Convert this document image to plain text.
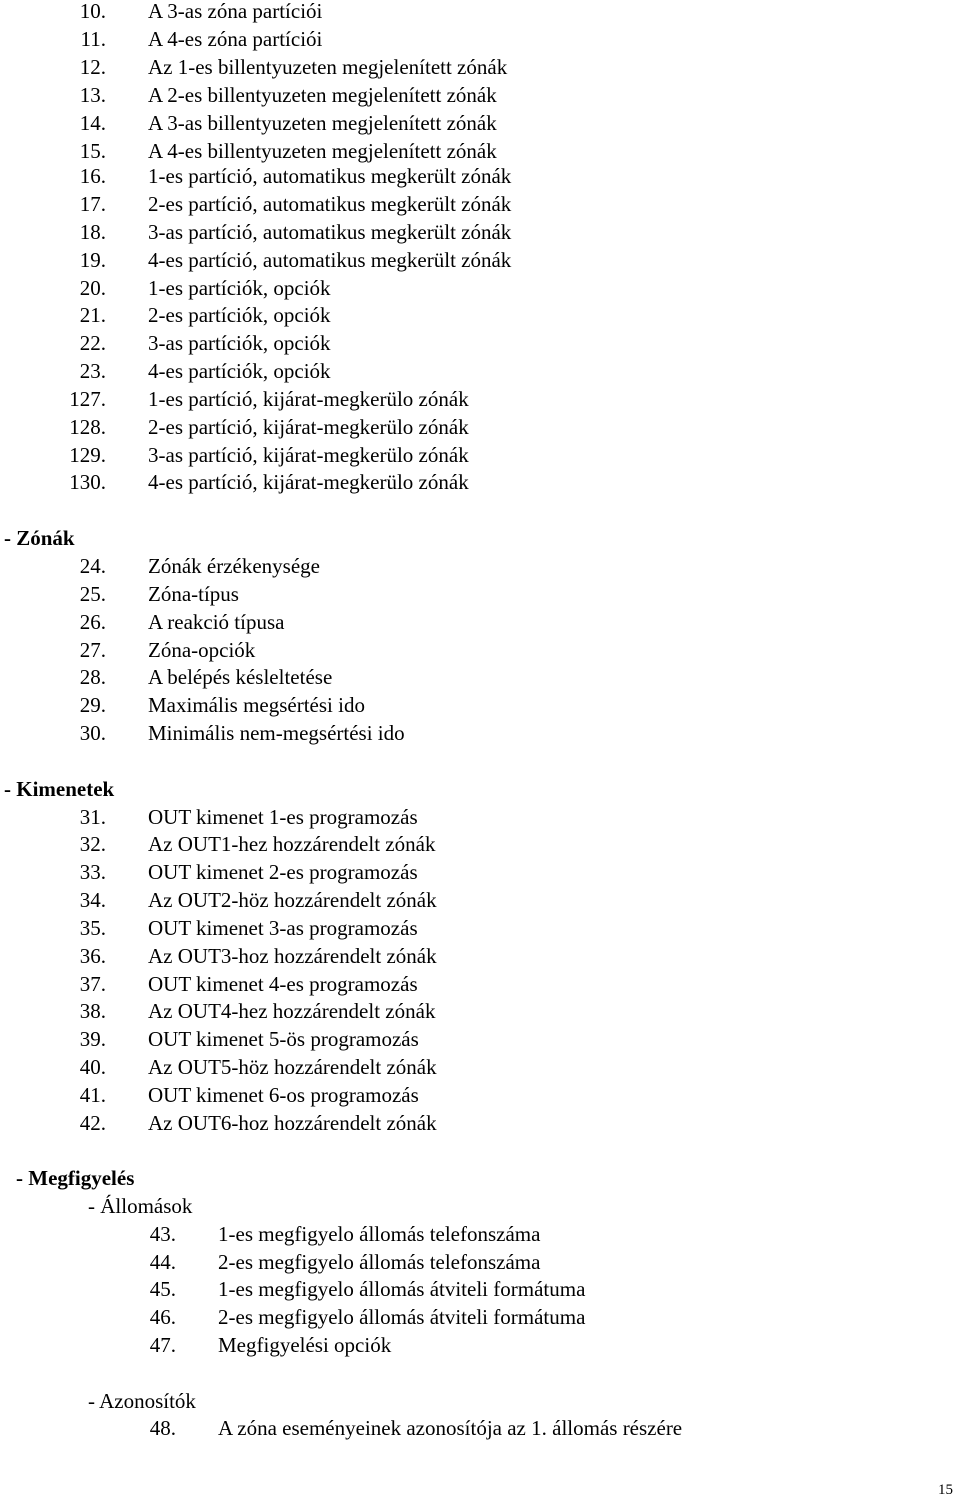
10. A 3-as zóna partíciói
11. A 4-es zóna partíciói
12. Az 1-es billentyuzeten megjelenített zónák
13. A 2-es billentyuzeten megjelenített zónák
14. A 3-as billentyuzeten megjelenített zónák
15. A 4-es billentyuzeten megjelenített zónák
16. 1-es partíció, automatikus megkerült zónák
17. 2-es partíció, automatikus megkerült zónák
18. 3-as partíció, automatikus megkerült zónák
19. 4-es partíció, automatikus megkerült zónák
20. 1-es partíciók, opciók
21. 2-es partíciók, opciók
22. 3-as partíciók, opciók
23. 4-es partíciók, opciók
127. 1-es partíció, kijárat-megkerülo zónák
128. 2-es partíció, kijárat-megkerülo zónák
129. 3-as partíció, kijárat-megkerülo zónák
130. 4-es partíció, kijárat-megkerülo zónák
- Zónák
24. Zónák érzékenysége
25. Zóna-típus
26. A reakció típusa
27. Zóna-opciók
28. A belépés késleltetése
29. Maximális megsértési ido
30. Minimális nem-megsértési ido
- Kimenetek
31. OUT kimenet 1-es programozás
32. Az OUT1-hez hozzárendelt zónák
33. OUT kimenet 2-es programozás
34. Az OUT2-höz hozzárendelt zónák
35. OUT kimenet 3-as programozás
36. Az OUT3-hoz hozzárendelt zónák
37. OUT kimenet 4-es programozás
38. Az OUT4-hez hozzárendelt zónák
39. OUT kimenet 5-ös programozás
40. Az OUT5-höz hozzárendelt zónák
41. OUT kimenet 6-os programozás
42. Az OUT6-hoz hozzárendelt zónák
- Megfigyelés
- Állomások
43. 1-es megfigyelo állomás telefonszáma
44. 2-es megfigyelo állomás telefonszáma
45. 1-es megfigyelo állomás átviteli formátuma
46. 2-es megfigyelo állomás átviteli formátuma
47. Megfigyelési opciók
- Azonosítók
48. A zóna eseményeinek azonosítója az 1. állomás részére
15
